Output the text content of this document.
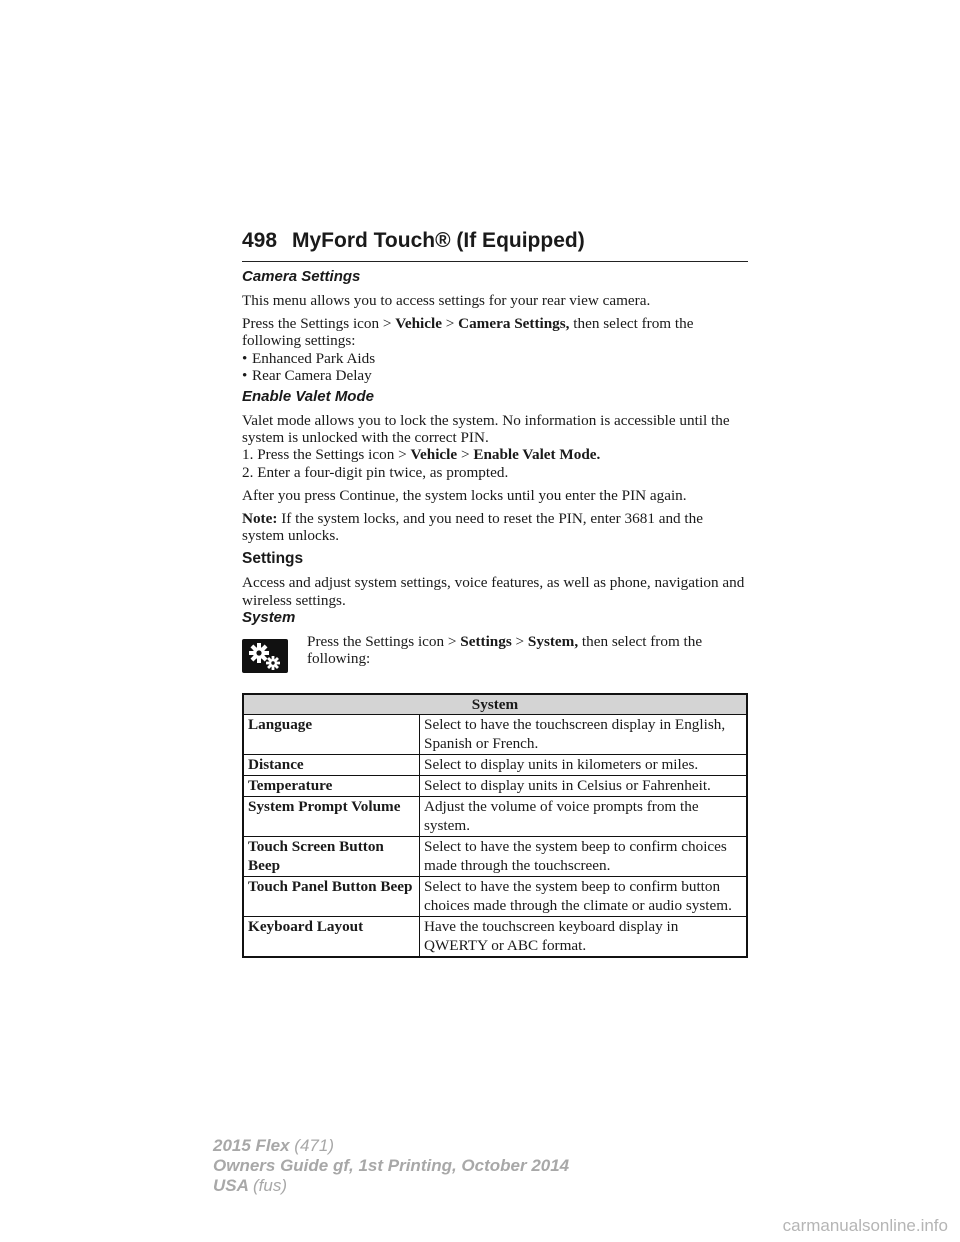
498 MyFord Touch® (If Equipped)
Camera Settings

This menu allows you to access settings for your rear view camera.

Press the Settings icon > Vehicle > Camera Settings, then select from the following settings:

• Enhanced Park Aids
• Rear Camera Delay
Enable Valet Mode

Valet mode allows you to lock the system. No information is accessible until the system is unlocked with the correct PIN.

1. Press the Settings icon > Vehicle > Enable Valet Mode.
2. Enter a four-digit pin twice, as prompted.

After you press Continue, the system locks until you enter the PIN again.

Note: If the system locks, and you need to reset the PIN, enter 3681 and the system unlocks.

Settings

Access and adjust system settings, voice features, as well as phone, navigation and wireless settings.

System
Press the Settings icon > Settings > System, then select from the following:
System	
Language	Select to have the touchscreen display in English, Spanish or French.
Distance	Select to display units in kilometers or miles.
Temperature	Select to display units in Celsius or Fahrenheit.
System Prompt Volume	Adjust the volume of voice prompts from the system.
Touch Screen Button Beep	Select to have the system beep to confirm choices made through the touchscreen.
Touch Panel Button Beep	Select to have the system beep to confirm button choices made through the climate or audio system.
Keyboard Layout	Have the touchscreen keyboard display in QWERTY or ABC format.
2015 Flex (471)
Owners Guide gf, 1st Printing, October 2014
USA (fus)
carmanualsonline.info
